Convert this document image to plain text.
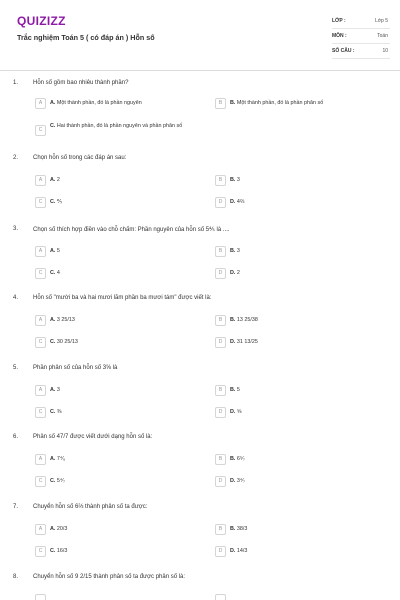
QUIZIZZ
Trắc nghiệm Toán 5 ( có đáp án ) Hỗn số
LỚP :	Lớp 5
MÔN :	Toán
SỐ CÂU :	10
1. Hỗn số gồm bao nhiêu thành phần?
A	A. Một thành phần, đó là phần nguyên	B	B. Một thành phần, đó là phần phân số
C
C. Hai thành phần, đó là phần nguyên và phần phân số
2. Chọn hỗn số trong các đáp án sau:
A	A. 2	B	B. 3
C	C. ⅖	D	D. 4⅔
3. Chọn số thích hợp điền vào chỗ chấm: Phần nguyên của hỗn số 5⅘ là ....
A	A. 5	B	B. 3
C	C. 4	D	D. 2
4. Hỗn số "mười ba và hai mươi lăm phần ba mươi tám" được viết là:
A	A. 3 25/13	B	B. 13 25/38
C	C. 30 25/13	D	D. 31 13/25
5. Phần phân số của hỗn số 3⅝ là
A	A. 3	B	B. 5
C	C. ⅜	D	D. ⅝
6. Phân số 47/7 được viết dưới dạng hỗn số là:
A	A. 7⁴⁄₆	B	B. 6⁵⁄₇
C	C. 5⁴⁄₇	D	D. 3⁴⁄₇
7. Chuyển hỗn số 6⅔ thành phân số ta được:
A	A. 20/3	B	B. 38/3
C	C. 16/3	D	D. 14/3
8. Chuyển hỗn số 9 2/15 thành phân số ta được phân số là:
